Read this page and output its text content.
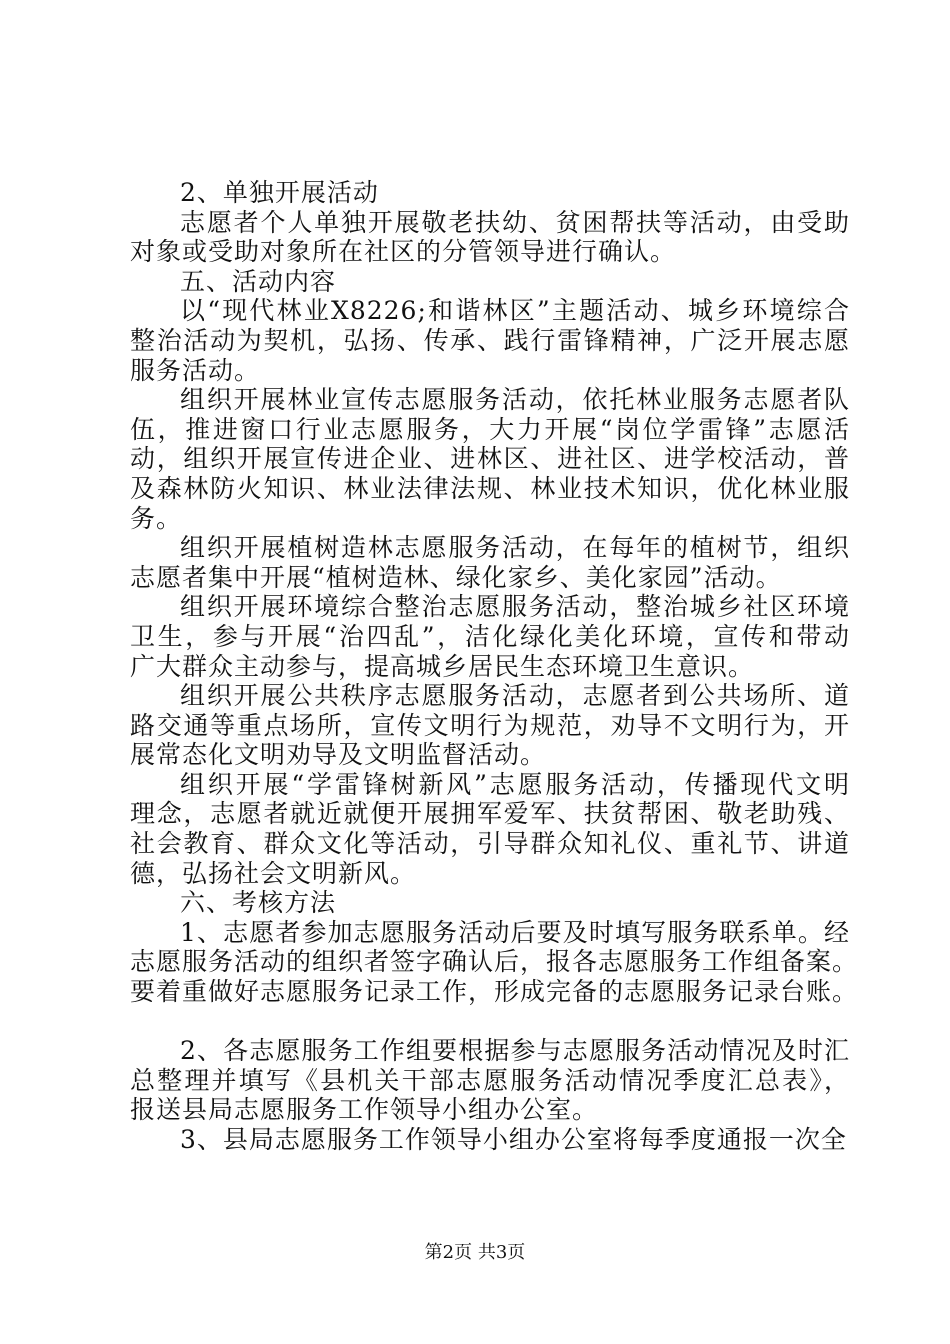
2、单独开展活动
志愿者个人单独开展敬老扶幼、贫困帮扶等活动，由受助
对象或受助对象所在社区的分管领导进行确认。
五、活动内容
以“现代林业X8226;和谐林区”主题活动、城乡环境综合
整治活动为契机，弘扬、传承、践行雷锋精神，广泛开展志愿
服务活动。
组织开展林业宣传志愿服务活动，依托林业服务志愿者队
伍，推进窗口行业志愿服务，大力开展“岗位学雷锋”志愿活
动，组织开展宣传进企业、进林区、进社区、进学校活动，普
及森林防火知识、林业法律法规、林业技术知识，优化林业服
务。
组织开展植树造林志愿服务活动，在每年的植树节，组织
志愿者集中开展“植树造林、绿化家乡、美化家园”活动。
组织开展环境综合整治志愿服务活动，整治城乡社区环境
卫生，参与开展“治四乱”，洁化绿化美化环境，宣传和带动
广大群众主动参与，提高城乡居民生态环境卫生意识。
组织开展公共秩序志愿服务活动，志愿者到公共场所、道
路交通等重点场所，宣传文明行为规范，劝导不文明行为，开
展常态化文明劝导及文明监督活动。
组织开展“学雷锋树新风”志愿服务活动，传播现代文明
理念，志愿者就近就便开展拥军爱军、扶贫帮困、敬老助残、
社会教育、群众文化等活动，引导群众知礼仪、重礼节、讲道
德，弘扬社会文明新风。
六、考核方法
1、志愿者参加志愿服务活动后要及时填写服务联系单。经
志愿服务活动的组织者签字确认后，报各志愿服务工作组备案。
要着重做好志愿服务记录工作，形成完备的志愿服务记录台账。
2、各志愿服务工作组要根据参与志愿服务活动情况及时汇
总整理并填写《县机关干部志愿服务活动情况季度汇总表》，
报送县局志愿服务工作领导小组办公室。
3、县局志愿服务工作领导小组办公室将每季度通报一次全
第2页 共3页
